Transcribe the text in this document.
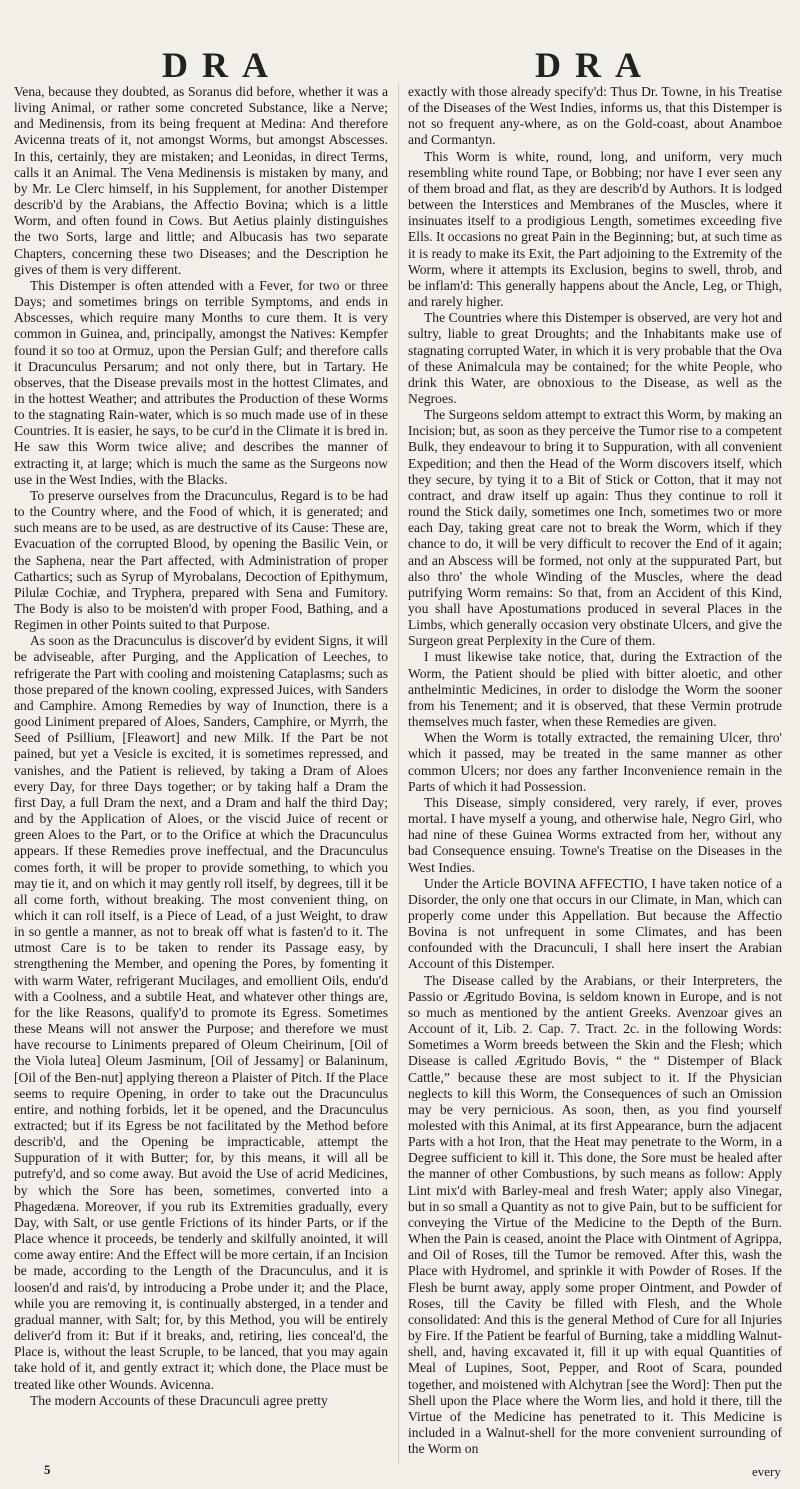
DRA	DRA

Vena, because they doubted, as Soranus did before, whether it was a living Animal, or rather some concreted Substance, like a Nerve; and Medinensis, from its being frequent at Medina: And therefore Avicenna treats of it, not amongst Worms, but amongst Abscesses. In this, certainly, they are mistaken; and Leonidas, in direct Terms, calls it an Animal. The Vena Medinensis is mistaken by many, and by Mr. Le Clerc himself, in his Supplement, for another Distemper describ'd by the Arabians, the Affectio Bovina; which is a little Worm, and often found in Cows. But Aetius plainly distinguishes the two Sorts, large and little; and Albucasis has two separate Chapters, concerning these two Diseases; and the Description he gives of them is very different.

This Distemper is often attended with a Fever, for two or three Days; and sometimes brings on terrible Symptoms, and ends in Abscesses, which require many Months to cure them. It is very common in Guinea, and, principally, amongst the Natives: Kempfer found it so too at Ormuz, upon the Persian Gulf; and therefore calls it Dracunculus Persarum; and not only there, but in Tartary. He observes, that the Disease prevails most in the hottest Climates, and in the hottest Weather; and attributes the Production of these Worms to the stagnating Rain-water, which is so much made use of in these Countries. It is easier, he says, to be cur'd in the Climate it is bred in. He saw this Worm twice alive; and describes the manner of extracting it, at large; which is much the same as the Surgeons now use in the West Indies, with the Blacks.

To preserve ourselves from the Dracunculus, Regard is to be had to the Country where, and the Food of which, it is generated; and such means are to be used, as are destructive of its Cause: These are, Evacuation of the corrupted Blood, by opening the Basilic Vein, or the Saphena, near the Part affected, with Administration of proper Cathartics; such as Syrup of Myrobalans, Decoction of Epithymum, Pilulæ Cochiæ, and Tryphera, prepared with Sena and Fumitory. The Body is also to be moisten'd with proper Food, Bathing, and a Regimen in other Points suited to that Purpose.

As soon as the Dracunculus is discover'd by evident Signs, it will be adviseable, after Purging, and the Application of Leeches, to refrigerate the Part with cooling and moistening Cataplasms; such as those prepared of the known cooling, expressed Juices, with Sanders and Camphire. Among Remedies by way of Inunction, there is a good Liniment prepared of Aloes, Sanders, Camphire, or Myrrh, the Seed of Psillium, [Fleawort] and new Milk. If the Part be not pained, but yet a Vesicle is excited, it is sometimes repressed, and vanishes, and the Patient is relieved, by taking a Dram of Aloes every Day, for three Days together; or by taking half a Dram the first Day, a full Dram the next, and a Dram and half the third Day; and by the Application of Aloes, or the viscid Juice of recent or green Aloes to the Part, or to the Orifice at which the Dracunculus appears. If these Remedies prove ineffectual, and the Dracunculus comes forth, it will be proper to provide something, to which you may tie it, and on which it may gently roll itself, by degrees, till it be all come forth, without breaking. The most convenient thing, on which it can roll itself, is a Piece of Lead, of a just Weight, to draw in so gentle a manner, as not to break off what is fasten'd to it. The utmost Care is to be taken to render its Passage easy, by strengthening the Member, and opening the Pores, by fomenting it with warm Water, refrigerant Mucilages, and emollient Oils, endu'd with a Coolness, and a subtile Heat, and whatever other things are, for the like Reasons, qualify'd to promote its Egress. Sometimes these Means will not answer the Purpose; and therefore we must have recourse to Liniments prepared of Oleum Cheirinum, [Oil of the Viola lutea] Oleum Jasminum, [Oil of Jessamy] or Balaninum, [Oil of the Ben-nut] applying thereon a Plaister of Pitch. If the Place seems to require Opening, in order to take out the Dracunculus entire, and nothing forbids, let it be opened, and the Dracunculus extracted; but if its Egress be not facilitated by the Method before describ'd, and the Opening be impracticable, attempt the Suppuration of it with Butter; for, by this means, it will all be putrefy'd, and so come away. But avoid the Use of acrid Medicines, by which the Sore has been, sometimes, converted into a Phagedæna. Moreover, if you rub its Extremities gradually, every Day, with Salt, or use gentle Frictions of its hinder Parts, or if the Place whence it proceeds, be tenderly and skilfully anointed, it will come away entire: And the Effect will be more certain, if an Incision be made, according to the Length of the Dracunculus, and it is loosen'd and rais'd, by introducing a Probe under it; and the Place, while you are removing it, is continually absterged, in a tender and gradual manner, with Salt; for, by this Method, you will be entirely deliver'd from it: But if it breaks, and, retiring, lies conceal'd, the Place is, without the least Scruple, to be lanced, that you may again take hold of it, and gently extract it; which done, the Place must be treated like other Wounds. Avicenna.

The modern Accounts of these Dracunculi agree pretty

exactly with those already specify'd: Thus Dr. Towne, in his Treatise of the Diseases of the West Indies, informs us, that this Distemper is not so frequent any-where, as on the Gold-coast, about Anamboe and Cormantyn.

This Worm is white, round, long, and uniform, very much resembling white round Tape, or Bobbing; nor have I ever seen any of them broad and flat, as they are describ'd by Authors. It is lodged between the Interstices and Membranes of the Muscles, where it insinuates itself to a prodigious Length, sometimes exceeding five Ells. It occasions no great Pain in the Beginning; but, at such time as it is ready to make its Exit, the Part adjoining to the Extremity of the Worm, where it attempts its Exclusion, begins to swell, throb, and be inflam'd: This generally happens about the Ancle, Leg, or Thigh, and rarely higher.

The Countries where this Distemper is observed, are very hot and sultry, liable to great Droughts; and the Inhabitants make use of stagnating corrupted Water, in which it is very probable that the Ova of these Animalcula may be contained; for the white People, who drink this Water, are obnoxious to the Disease, as well as the Negroes.

The Surgeons seldom attempt to extract this Worm, by making an Incision; but, as soon as they perceive the Tumor rise to a competent Bulk, they endeavour to bring it to Suppuration, with all convenient Expedition; and then the Head of the Worm discovers itself, which they secure, by tying it to a Bit of Stick or Cotton, that it may not contract, and draw itself up again: Thus they continue to roll it round the Stick daily, sometimes one Inch, sometimes two or more each Day, taking great care not to break the Worm, which if they chance to do, it will be very difficult to recover the End of it again; and an Abscess will be formed, not only at the suppurated Part, but also thro' the whole Winding of the Muscles, where the dead putrifying Worm remains: So that, from an Accident of this Kind, you shall have Apostumations produced in several Places in the Limbs, which generally occasion very obstinate Ulcers, and give the Surgeon great Perplexity in the Cure of them.

I must likewise take notice, that, during the Extraction of the Worm, the Patient should be plied with bitter aloetic, and other anthelmintic Medicines, in order to dislodge the Worm the sooner from his Tenement; and it is observed, that these Vermin protrude themselves much faster, when these Remedies are given.

When the Worm is totally extracted, the remaining Ulcer, thro' which it passed, may be treated in the same manner as other common Ulcers; nor does any farther Inconvenience remain in the Parts of which it had Possession.

This Disease, simply considered, very rarely, if ever, proves mortal. I have myself a young, and otherwise hale, Negro Girl, who had nine of these Guinea Worms extracted from her, without any bad Consequence ensuing. Towne's Treatise on the Diseases in the West Indies.

Under the Article BOVINA AFFECTIO, I have taken notice of a Disorder, the only one that occurs in our Climate, in Man, which can properly come under this Appellation. But because the Affectio Bovina is not unfrequent in some Climates, and has been confounded with the Dracunculi, I shall here insert the Arabian Account of this Distemper.

The Disease called by the Arabians, or their Interpreters, the Passio or Ægritudo Bovina, is seldom known in Europe, and is not so much as mentioned by the antient Greeks. Avenzoar gives an Account of it, Lib. 2. Cap. 7. Tract. 2c. in the following Words: Sometimes a Worm breeds between the Skin and the Flesh; which Disease is called Ægritudo Bovis, “ the “ Distemper of Black Cattle,” because these are most subject to it. If the Physician neglects to kill this Worm, the Consequences of such an Omission may be very pernicious. As soon, then, as you find yourself molested with this Animal, at its first Appearance, burn the adjacent Parts with a hot Iron, that the Heat may penetrate to the Worm, in a Degree sufficient to kill it. This done, the Sore must be healed after the manner of other Combustions, by such means as follow: Apply Lint mix'd with Barley-meal and fresh Water; apply also Vinegar, but in so small a Quantity as not to give Pain, but to be sufficient for conveying the Virtue of the Medicine to the Depth of the Burn. When the Pain is ceased, anoint the Place with Ointment of Agrippa, and Oil of Roses, till the Tumor be removed. After this, wash the Place with Hydromel, and sprinkle it with Powder of Roses. If the Flesh be burnt away, apply some proper Ointment, and Powder of Roses, till the Cavity be filled with Flesh, and the Whole consolidated: And this is the general Method of Cure for all Injuries by Fire. If the Patient be fearful of Burning, take a middling Walnut-shell, and, having excavated it, fill it up with equal Quantities of Meal of Lupines, Soot, Pepper, and Root of Scara, pounded together, and moistened with Alchytran [see the Word]: Then put the Shell upon the Place where the Worm lies, and hold it there, till the Virtue of the Medicine has penetrated to it. This Medicine is included in a Walnut-shell for the more convenient surrounding of the Worm on

5	every
